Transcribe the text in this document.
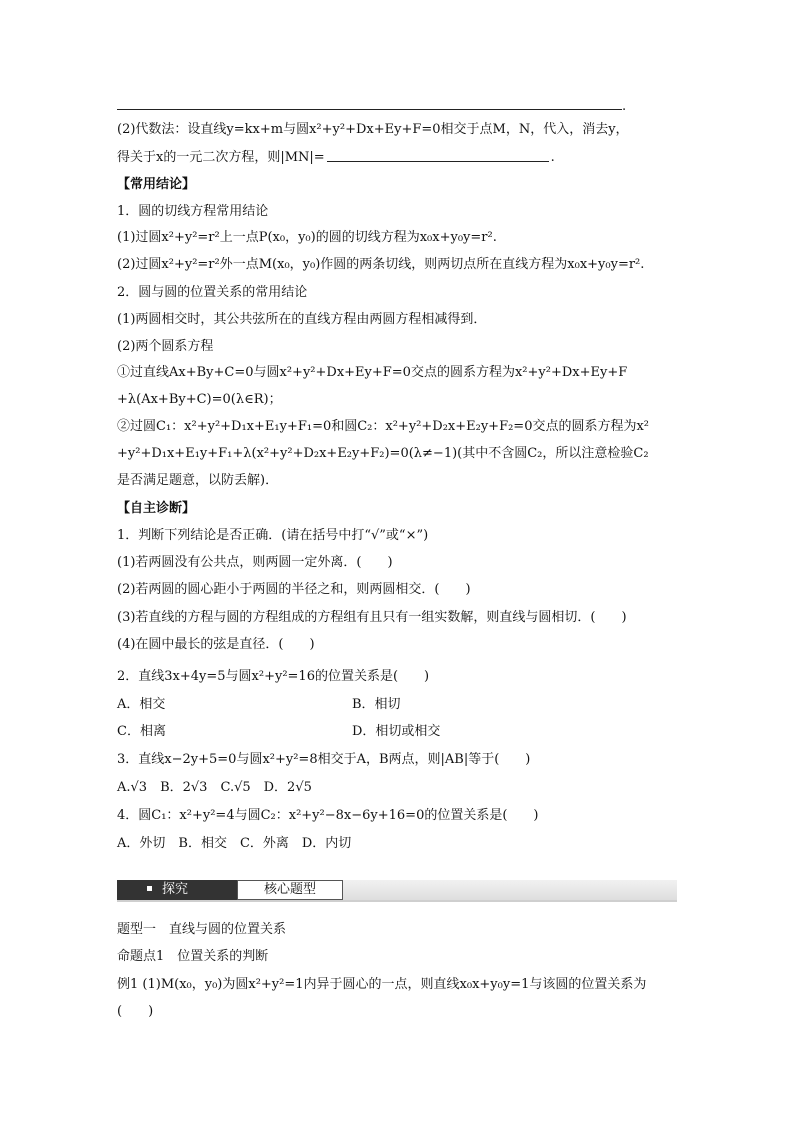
.
(2)代数法：设直线y=kx+m与圆x²+y²+Dx+Ey+F=0相交于点M，N，代入，消去y，
得关于x的一元二次方程，则|MN|=	.
【常用结论】
1．圆的切线方程常用结论
(1)过圆x²+y²=r²上一点P(x₀，y₀)的圆的切线方程为x₀x+y₀y=r².
(2)过圆x²+y²=r²外一点M(x₀，y₀)作圆的两条切线，则两切点所在直线方程为x₀x+y₀y=r².
2．圆与圆的位置关系的常用结论
(1)两圆相交时，其公共弦所在的直线方程由两圆方程相减得到．
(2)两个圆系方程
①过直线Ax+By+C=0与圆x²+y²+Dx+Ey+F=0交点的圆系方程为x²+y²+Dx+Ey+F
+λ(Ax+By+C)=0(λ∈R)；
②过圆C₁：x²+y²+D₁x+E₁y+F₁=0和圆C₂：x²+y²+D₂x+E₂y+F₂=0交点的圆系方程为x²
+y²+D₁x+E₁y+F₁+λ(x²+y²+D₂x+E₂y+F₂)=0(λ≠−1)(其中不含圆C₂，所以注意检验C₂
是否满足题意，以防丢解)．
【自主诊断】
1．判断下列结论是否正确．(请在括号中打“√”或“×”)
(1)若两圆没有公共点，则两圆一定外离．(　　)
(2)若两圆的圆心距小于两圆的半径之和，则两圆相交．(　　)
(3)若直线的方程与圆的方程组成的方程组有且只有一组实数解，则直线与圆相切．(　　)
(4)在圆中最长的弦是直径．(　　)
2．直线3x+4y=5与圆x²+y²=16的位置关系是(　　)
A．相交	B．相切
C．相离	D．相切或相交
3．直线x−2y+5=0与圆x²+y²=8相交于A，B两点，则|AB|等于(　　)
A.√3　B．2√3　C.√5　D．2√5
4．圆C₁：x²+y²=4与圆C₂：x²+y²−8x−6y+16=0的位置关系是(　　)
A．外切　B．相交　C．外离　D．内切
探究	核心题型
题型一　直线与圆的位置关系
命题点1　位置关系的判断
例1 (1)M(x₀，y₀)为圆x²+y²=1内异于圆心的一点，则直线x₀x+y₀y=1与该圆的位置关系为
(　　)
